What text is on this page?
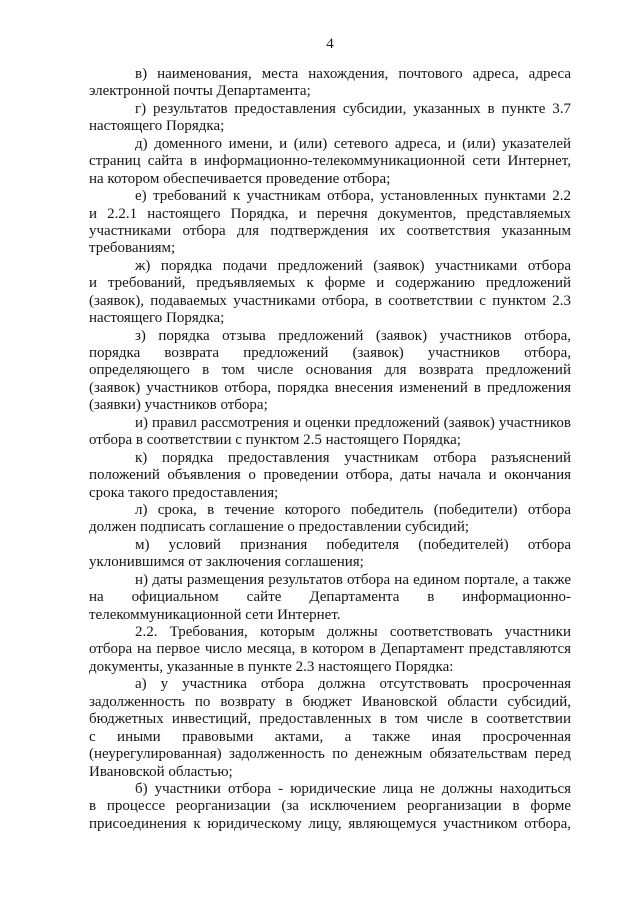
4
в) наименования, места нахождения, почтового адреса, адреса
электронной почты Департамента;
г) результатов предоставления субсидии, указанных в пункте 3.7
настоящего Порядка;
д) доменного имени, и (или) сетевого адреса, и (или) указателей
страниц сайта в информационно-телекоммуникационной сети Интернет,
на котором обеспечивается проведение отбора;
е) требований к участникам отбора, установленных пунктами 2.2
и 2.2.1 настоящего Порядка, и перечня документов, представляемых
участниками отбора для подтверждения их соответствия указанным
требованиям;
ж) порядка подачи предложений (заявок) участниками отбора
и требований, предъявляемых к форме и содержанию предложений
(заявок), подаваемых участниками отбора, в соответствии с пунктом 2.3
настоящего Порядка;
з) порядка отзыва предложений (заявок) участников отбора,
порядка возврата предложений (заявок) участников отбора,
определяющего в том числе основания для возврата предложений
(заявок) участников отбора, порядка внесения изменений в предложения
(заявки) участников отбора;
и) правил рассмотрения и оценки предложений (заявок) участников
отбора в соответствии с пунктом 2.5 настоящего Порядка;
к) порядка предоставления участникам отбора разъяснений
положений объявления о проведении отбора, даты начала и окончания
срока такого предоставления;
л) срока, в течение которого победитель (победители) отбора
должен подписать соглашение о предоставлении субсидий;
м) условий признания победителя (победителей) отбора
уклонившимся от заключения соглашения;
н) даты размещения результатов отбора на едином портале, а также
на официальном сайте Департамента в информационно-
телекоммуникационной сети Интернет.
2.2. Требования, которым должны соответствовать участники
отбора на первое число месяца, в котором в Департамент представляются
документы, указанные в пункте 2.3 настоящего Порядка:
а) у участника отбора должна отсутствовать просроченная
задолженность по возврату в бюджет Ивановской области субсидий,
бюджетных инвестиций, предоставленных в том числе в соответствии
с иными правовыми актами, а также иная просроченная
(неурегулированная) задолженность по денежным обязательствам перед
Ивановской областью;
б) участники отбора - юридические лица не должны находиться
в процессе реорганизации (за исключением реорганизации в форме
присоединения к юридическому лицу, являющемуся участником отбора,
